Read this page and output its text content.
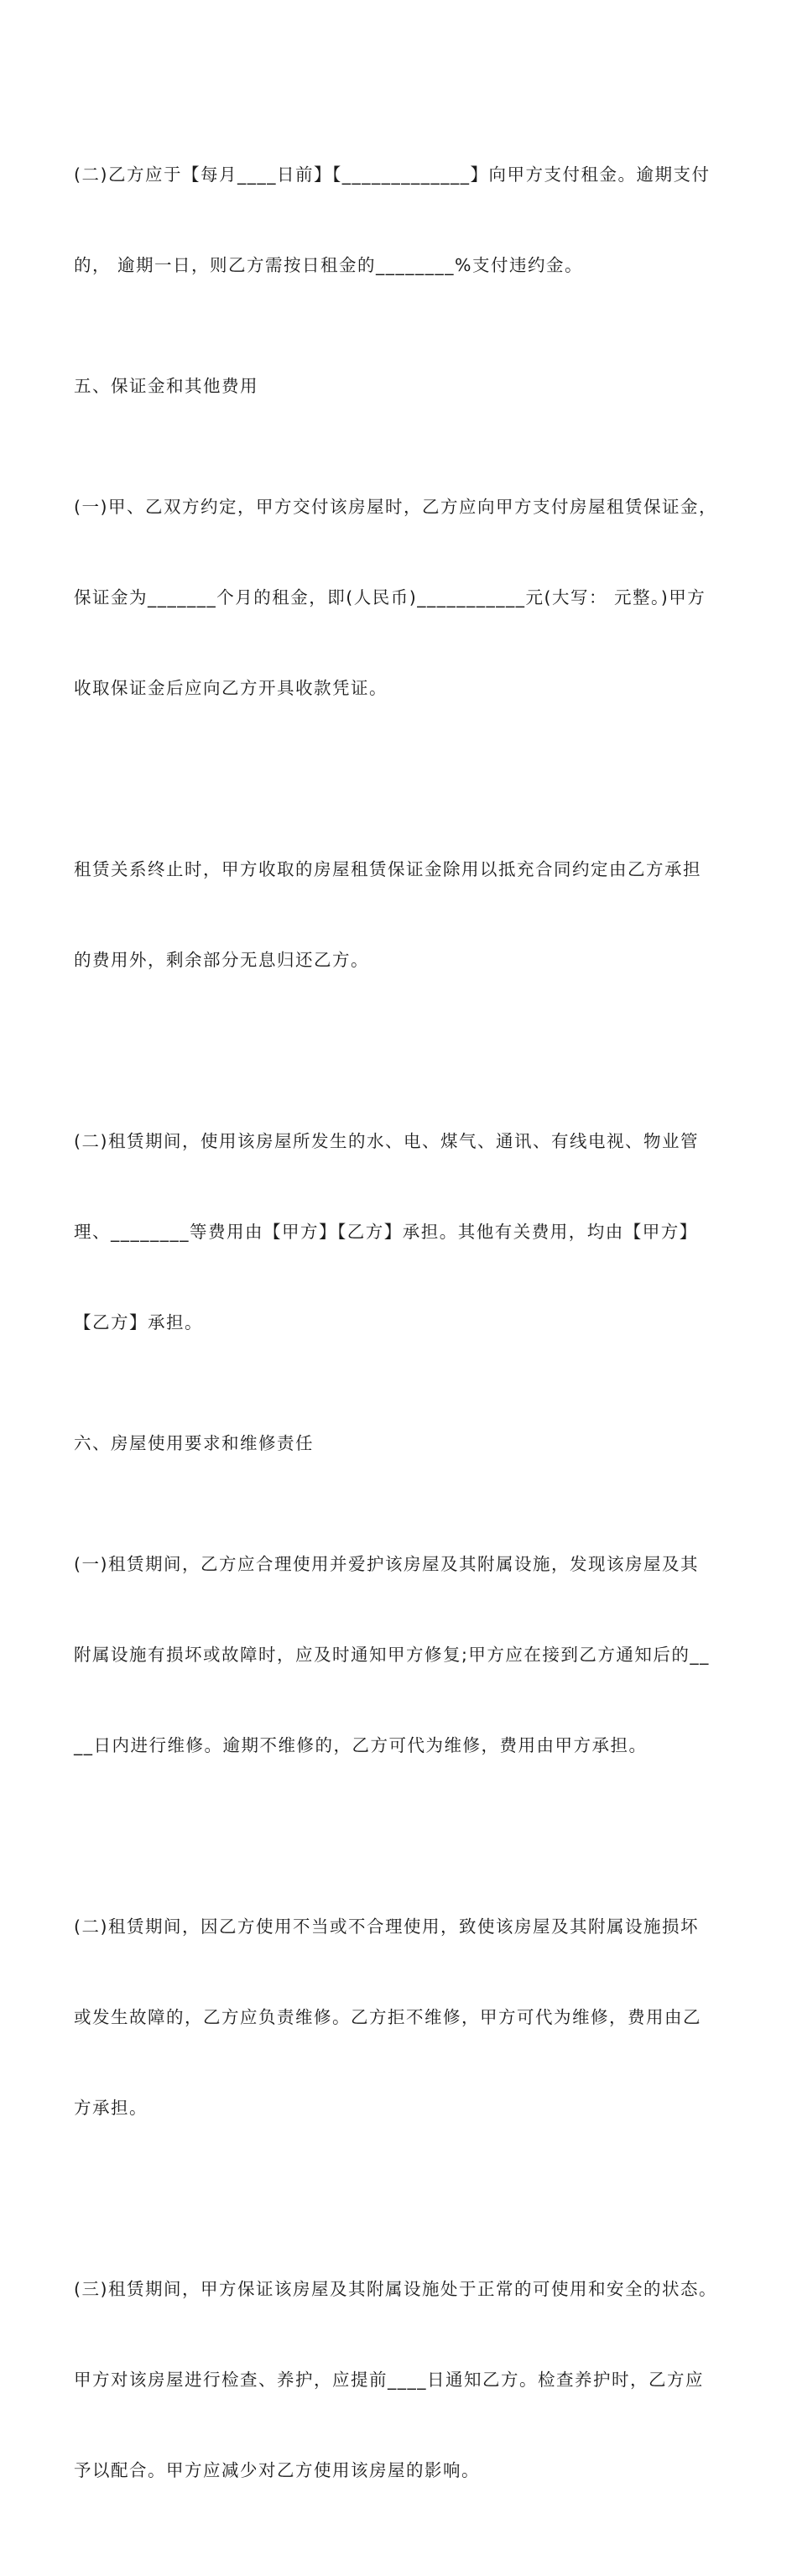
(二)乙方应于【每月____日前】【_____________】向甲方支付租金。逾期支付

的， 逾期一日，则乙方需按日租金的________%支付违约金。

五、保证金和其他费用

(一)甲、乙双方约定，甲方交付该房屋时，乙方应向甲方支付房屋租赁保证金，

保证金为_______个月的租金，即(人民币)___________元(大写： 元整。)甲方

收取保证金后应向乙方开具收款凭证。

租赁关系终止时，甲方收取的房屋租赁保证金除用以抵充合同约定由乙方承担

的费用外，剩余部分无息归还乙方。

(二)租赁期间，使用该房屋所发生的水、电、煤气、通讯、有线电视、物业管

理、________等费用由【甲方】【乙方】承担。其他有关费用，均由【甲方】

【乙方】承担。

六、房屋使用要求和维修责任

(一)租赁期间，乙方应合理使用并爱护该房屋及其附属设施，发现该房屋及其

附属设施有损坏或故障时，应及时通知甲方修复;甲方应在接到乙方通知后的__

__日内进行维修。逾期不维修的，乙方可代为维修，费用由甲方承担。

(二)租赁期间，因乙方使用不当或不合理使用，致使该房屋及其附属设施损坏

或发生故障的，乙方应负责维修。乙方拒不维修，甲方可代为维修，费用由乙

方承担。

(三)租赁期间，甲方保证该房屋及其附属设施处于正常的可使用和安全的状态。

甲方对该房屋进行检查、养护，应提前____日通知乙方。检查养护时，乙方应

予以配合。甲方应减少对乙方使用该房屋的影响。
